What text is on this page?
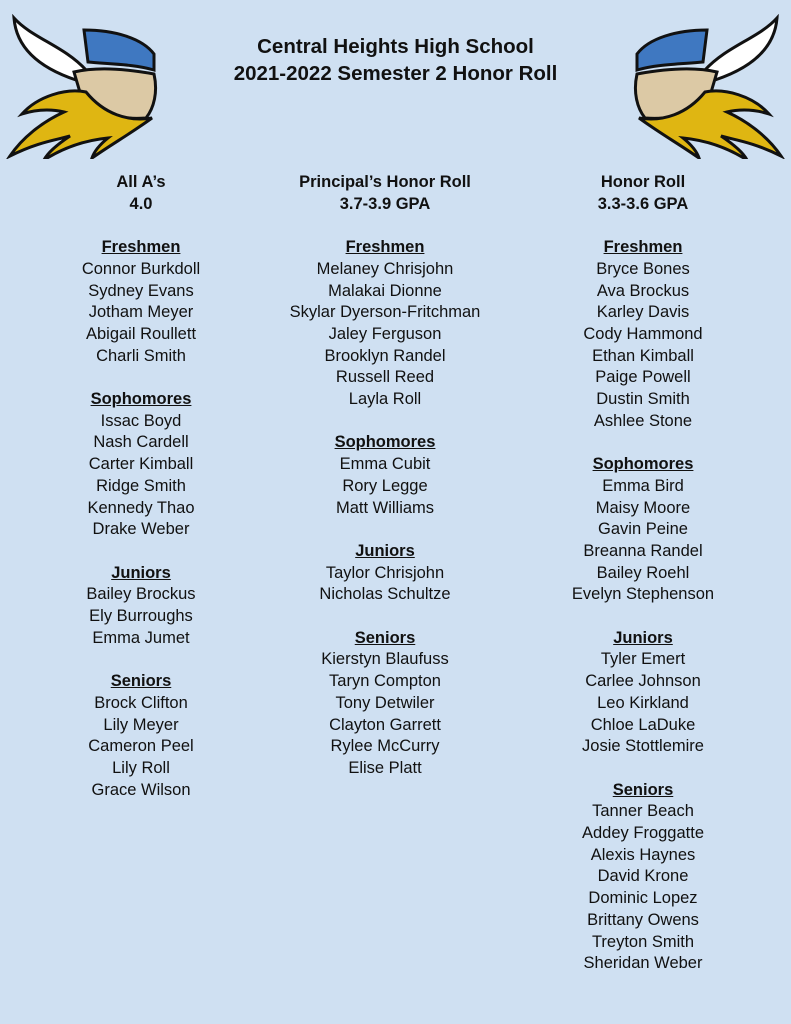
Central Heights High School
2021-2022 Semester 2 Honor Roll
All A’s
4.0
Freshmen
Connor Burkdoll
Sydney Evans
Jotham Meyer
Abigail Roullett
Charli Smith
Sophomores
Issac Boyd
Nash Cardell
Carter Kimball
Ridge Smith
Kennedy Thao
Drake Weber
Juniors
Bailey Brockus
Ely Burroughs
Emma Jumet
Seniors
Brock Clifton
Lily Meyer
Cameron Peel
Lily Roll
Grace Wilson
Principal’s Honor Roll
3.7-3.9 GPA
Freshmen
Melaney Chrisjohn
Malakai Dionne
Skylar Dyerson-Fritchman
Jaley Ferguson
Brooklyn Randel
Russell Reed
Layla Roll
Sophomores
Emma Cubit
Rory Legge
Matt Williams
Juniors
Taylor Chrisjohn
Nicholas Schultze
Seniors
Kierstyn Blaufuss
Taryn Compton
Tony Detwiler
Clayton Garrett
Rylee McCurry
Elise Platt
Honor Roll
3.3-3.6 GPA
Freshmen
Bryce Bones
Ava Brockus
Karley Davis
Cody Hammond
Ethan Kimball
Paige Powell
Dustin Smith
Ashlee Stone
Sophomores
Emma Bird
Maisy Moore
Gavin Peine
Breanna Randel
Bailey Roehl
Evelyn Stephenson
Juniors
Tyler Emert
Carlee Johnson
Leo Kirkland
Chloe LaDuke
Josie Stottlemire
Seniors
Tanner Beach
Addey Froggatte
Alexis Haynes
David Krone
Dominic Lopez
Brittany Owens
Treyton Smith
Sheridan Weber
